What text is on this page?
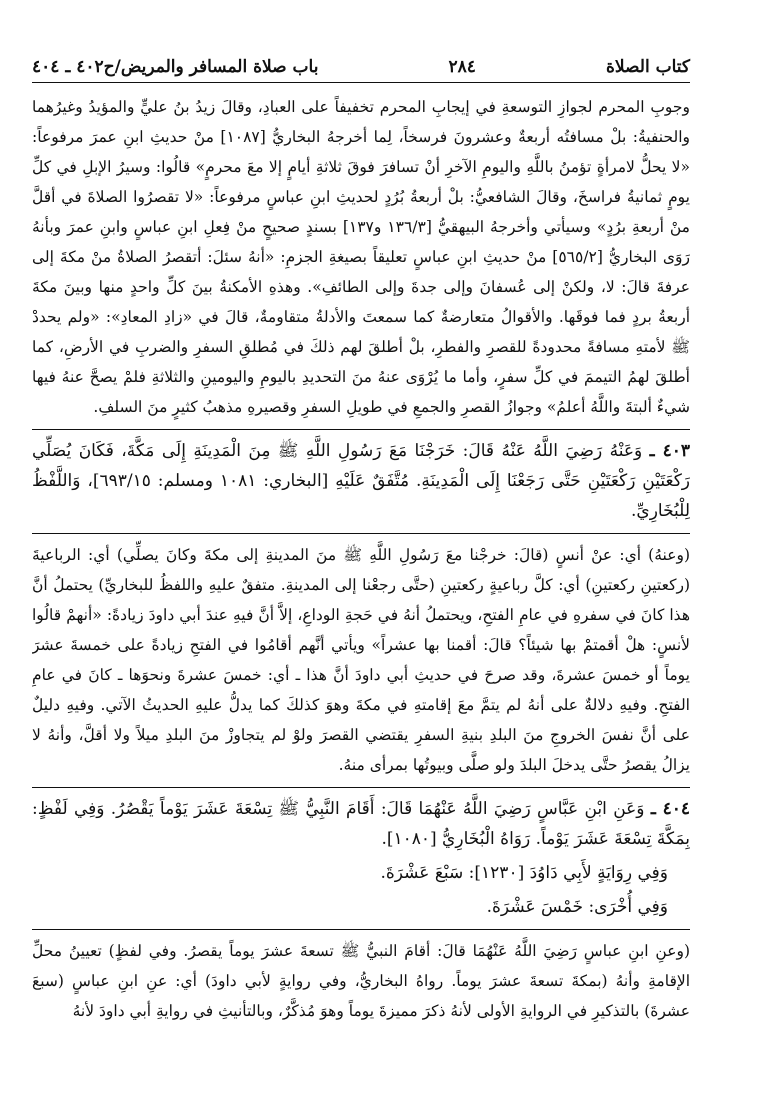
كتاب الصلاة
٢٨٤
باب صلاة المسافر والمريض/ح٤٠٢ ـ ٤٠٤

وجوبِ المحرم لجوازِ التوسعةِ في إيجابِ المحرم تخفيفاً على العبادِ، وقالَ زيدُ بنُ عليٍّ والمؤيدُ وغيرُهما والحنفيةُ: بلْ مسافتُه أربعةٌ وعشرونَ فرسخاً، لِما أخرجهُ البخاريُّ [١٠٨٧] منْ حديثِ ابنِ عمرَ مرفوعاً: «لا يحلُّ لامرأةٍ تؤمنُ باللَّهِ واليومِ الآخرِ أنْ تسافرَ فوقَ ثلاثةِ أيامٍ إلا معَ محرمٍ» قالُوا: وسيرُ الإبلِ في كلِّ يومٍ ثمانيةُ فراسخَ، وقالَ الشافعيُّ: بلْ أربعةُ بُرُدٍ لحديثِ ابنِ عباسٍ مرفوعاً: «لا تقصرُوا الصلاةَ في أقلَّ منْ أربعةِ برُدٍ» وسيأتي وأخرجهُ البيهقيُّ [١٣٦/٣ و١٣٧] بسندٍ صحيحٍ منْ فِعلِ ابنِ عباسٍ وابنِ عمرَ وبأنهُ رَوَى البخاريُّ [٥٦٥/٢] منْ حديثِ ابنِ عباسٍ تعليقاً بصيغةِ الجزمِ: «أنهُ سئلَ: أتقصرُ الصلاةُ منْ مكةَ إلى عرفةَ قالَ: لا، ولكنْ إلى عُسفانَ وإلى جدةَ وإلى الطائفِ». وهذهِ الأمكنةُ بينَ كلِّ واحدٍ منها وبينَ مكةَ أربعةُ بردٍ فما فوقَها. والأقوالُ متعارضةٌ كما سمعتَ والأدلةُ متقاومةٌ، قالَ في «زادِ المعادِ»: «ولم يحددْ ﷺ لأمتهِ مسافةً محدودةً للقصرِ والفطرِ، بلْ أطلقَ لهم ذلكَ في مُطلقِ السفرِ والضربِ في الأرضِ، كما أطلقَ لهمُ التيممَ في كلِّ سفرٍ، وأما ما يُرْوَى عنهُ منَ التحديدِ باليومِ واليومينِ والثلاثةِ فلمْ يصحَّ عنهُ فيها شيءٌ ألبتةَ واللَّهُ أعلمُ» وجوازُ القصرِ والجمعِ في طويلِ السفرِ وقصيرهِ مذهبُ كثيرٍ منَ السلفِ.

٤٠٣ ـ وَعَنْهُ رَضِيَ اللَّهُ عَنْهُ قَالَ: خَرَجْنَا مَعَ رَسُولِ اللَّهِ ﷺ مِنَ الْمَدِينَةِ إِلَى مَكَّةَ، فَكَانَ يُصَلِّي رَكْعَتَيْنِ رَكْعَتَيْنِ حَتَّى رَجَعْنَا إِلَى الْمَدِينَةِ. مُتَّفَقٌ عَلَيْهِ [البخاري: ١٠٨١ ومسلم: ٦٩٣/١٥]، وَاللَّفْظُ لِلْبُخَارِيِّ.

(وعنهُ) أي: عنْ أنسٍ (قالَ: خرجْنا معَ رَسُولِ اللَّهِ ﷺ منَ المدينةِ إلى مكةَ وكانَ يصلِّي) أي: الرباعيةَ (ركعتينِ ركعتينِ) أي: كلَّ رباعيةٍ ركعتينِ (حتَّى رجعْنا إلى المدينةِ. متفقٌ عليهِ واللفظُ للبخاريِّ) يحتملُ أنَّ هذا كانَ في سفرهِ في عامِ الفتحِ، ويحتملُ أنهُ في حَجةِ الوداعِ، إلاَّ أنَّ فيهِ عندَ أبي داودَ زيادةً: «أنهمْ قالُوا لأنسٍ: هلْ أقمتمْ بها شيئاً؟ قالَ: أقمنا بها عشراً» ويأتي أنَّهم أقامُوا في الفتحِ زيادةً على خمسةَ عشرَ يوماً أو خمسَ عشرةَ، وقد صرحَ في حديثِ أبي داودَ أنَّ هذا ـ أي: خمسَ عشرةَ ونحوَها ـ كانَ في عامِ الفتحِ. وفيهِ دلالةٌ على أنهُ لم يتمَّ معَ إقامتهِ في مكةَ وهوَ كذلكَ كما يدلُّ عليهِ الحديثُ الآتي. وفيهِ دليلٌ على أنَّ نفسَ الخروجِ منَ البلدِ بنيةِ السفرِ يقتضي القصرَ ولوْ لم يتجاوزْ منَ البلدِ ميلاً ولا أقلَّ، وأنهُ لا يزالُ يقصرُ حتَّى يدخلَ البلدَ ولو صلَّى وبيوتُها بمرأى منهُ.

٤٠٤ ـ وَعَنِ ابْنِ عَبَّاسٍ رَضِيَ اللَّهُ عَنْهُمَا قَالَ: أَقَامَ النَّبِيُّ ﷺ تِسْعَةَ عَشَرَ يَوْماً يَقْصُرُ. وَفِي لَفْظٍ: بِمَكَّةَ تِسْعَةَ عَشَرَ يَوْماً. رَوَاهُ الْبُخَارِيُّ [١٠٨٠].

وَفِي رِوَايَةٍ لأَبِي دَاوُدَ [١٢٣٠]: سَبْعَ عَشْرَةَ.

وَفِي أُخْرَى: خَمْسَ عَشْرَةَ.

(وعنِ ابنِ عباسٍ رَضِيَ اللَّهُ عَنْهُمَا قالَ: أقامَ النبيُّ ﷺ تسعةَ عشرَ يوماً يقصرُ. وفي لفظٍ) تعيينُ محلِّ الإقامةِ وأنهُ (بمكةَ تسعةَ عشرَ يوماً. رواهُ البخاريُّ، وفي روايةٍ لأبي داودَ) أي: عنِ ابنِ عباسٍ (سبعَ عشرةَ) بالتذكيرِ في الروايةِ الأولى لأنهُ ذكرَ مميزةَ يوماً وهوَ مُذكَّرٌ، وبالتأنيثِ في روايةِ أبي داودَ لأنهُ
